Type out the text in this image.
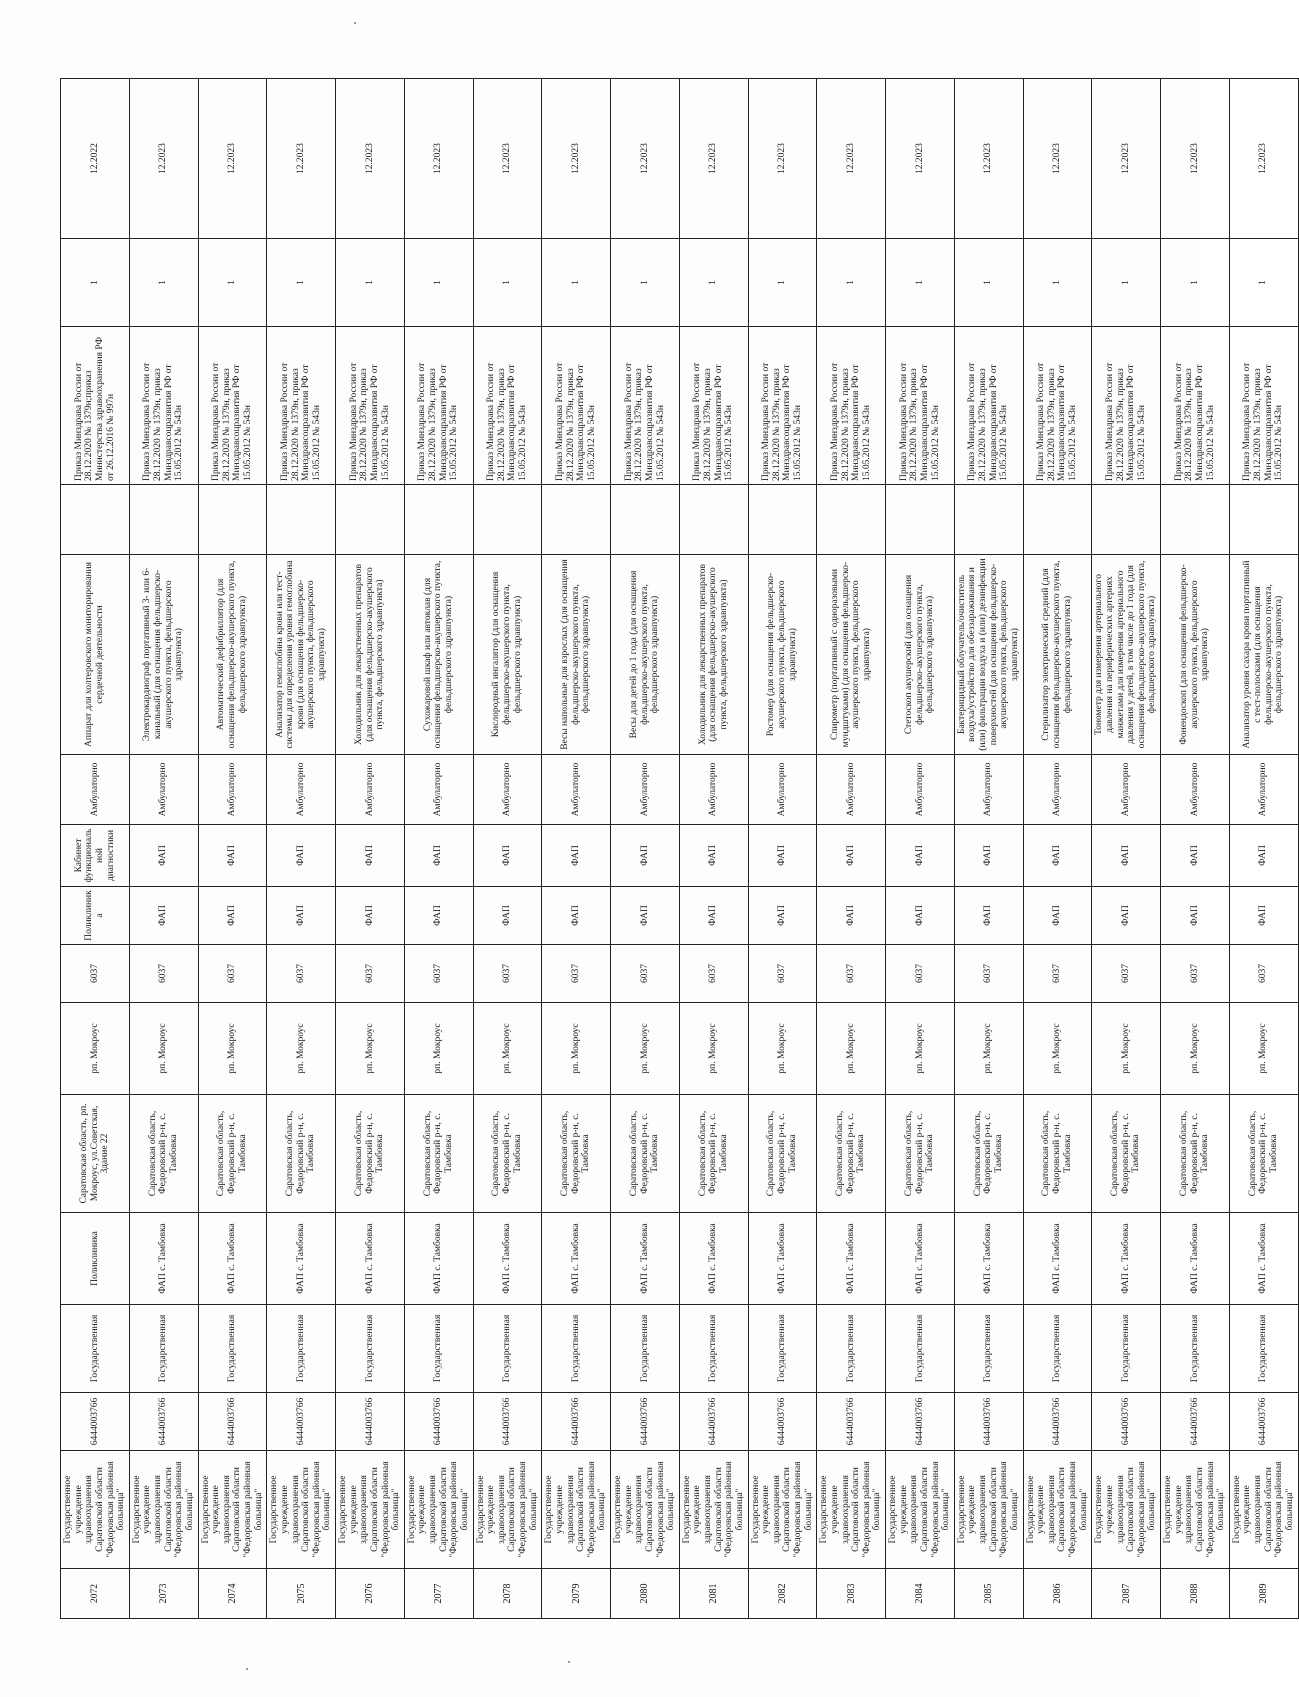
2072	Государственное учреждение здравоохранения Саратовской области "Федоровская районная больница"	6444003766	Государственная	Поликлиника	Саратовская область, рп. Мокроус, ул.Советская, Здание 22	рп. Мокроус	6037	Поликлиника	Кабинет функциональной диагностики	Амбулаторно	Аппарат для холтеровского мониторирования сердечной деятельности		Приказ Минздрава России от 28.12.2020 № 1379н;приказ Министерства здравоохранения РФ от 26.12.2016 № 997н	1	12.2022
2073	Государственное учреждение здравоохранения Саратовской области "Федоровская районная больница"	6444003766	Государственная	ФАП с. Тамбовка	Саратовская область, Федоровский р-н, с. Тамбовка	рп. Мокроус	6037	ФАП	ФАП	Амбулаторно	Электрокардиограф портативный 3- или 6-канальный (для оснащения фельдшерско-акушерского пункта, фельдшерского здравпункта)		Приказ Минздрава России от 28.12.2020 № 1379н, приказ Минздравсоцразвития РФ от 15.05.2012 № 543н	1	12.2023
2074	Государственное учреждение здравоохранения Саратовской области "Федоровская районная больница"	6444003766	Государственная	ФАП с. Тамбовка	Саратовская область, Федоровский р-н, с. Тамбовка	рп. Мокроус	6037	ФАП	ФАП	Амбулаторно	Автоматический дефибриллятор (для оснащения фельдшерско-акушерского пункта, фельдшерского здравпункта)		Приказ Минздрава России от 28.12.2020 № 1379н, приказ Минздравсоцразвития РФ от 15.05.2012 № 543н	1	12.2023
2075	Государственное учреждение здравоохранения Саратовской области "Федоровская районная больница"	6444003766	Государственная	ФАП с. Тамбовка	Саратовская область, Федоровский р-н, с. Тамбовка	рп. Мокроус	6037	ФАП	ФАП	Амбулаторно	Анализатор гемоглобина крови или тест-системы для определения уровня гемоглобина крови (для оснащения фельдшерско-акушерского пункта, фельдшерского здравпункта)		Приказ Минздрава России от 28.12.2020 № 1379н, приказ Минздравсоцразвития РФ от 15.05.2012 № 543н	1	12.2023
2076	Государственное учреждение здравоохранения Саратовской области "Федоровская районная больница"	6444003766	Государственная	ФАП с. Тамбовка	Саратовская область, Федоровский р-н, с. Тамбовка	рп. Мокроус	6037	ФАП	ФАП	Амбулаторно	Холодильник для лекарственных препаратов (для оснащения фельдшерско-акушерского пункта, фельдшерского здравпункта)		Приказ Минздрава России от 28.12.2020 № 1379н, приказ Минздравсоцразвития РФ от 15.05.2012 № 543н	1	12.2023
2077	Государственное учреждение здравоохранения Саратовской области "Федоровская районная больница"	6444003766	Государственная	ФАП с. Тамбовка	Саратовская область, Федоровский р-н, с. Тамбовка	рп. Мокроус	6037	ФАП	ФАП	Амбулаторно	Сухожаровой шкаф или автоклав (для оснащения фельдшерско-акушерского пункта, фельдшерского здравпункта)		Приказ Минздрава России от 28.12.2020 № 1379н, приказ Минздравсоцразвития РФ от 15.05.2012 № 543н	1	12.2023
2078	Государственное учреждение здравоохранения Саратовской области "Федоровская районная больница"	6444003766	Государственная	ФАП с. Тамбовка	Саратовская область, Федоровский р-н, с. Тамбовка	рп. Мокроус	6037	ФАП	ФАП	Амбулаторно	Кислородный ингалятор (для оснащения фельдшерско-акушерского пункта, фельдшерского здравпункта)		Приказ Минздрава России от 28.12.2020 № 1379н, приказ Минздравсоцразвития РФ от 15.05.2012 № 543н	1	12.2023
2079	Государственное учреждение здравоохранения Саратовской области "Федоровская районная больница"	6444003766	Государственная	ФАП с. Тамбовка	Саратовская область, Федоровский р-н, с. Тамбовка	рп. Мокроус	6037	ФАП	ФАП	Амбулаторно	Весы напольные для взрослых (для оснащения фельдшерско-акушерского пункта, фельдшерского здравпункта)		Приказ Минздрава России от 28.12.2020 № 1379н, приказ Минздравсоцразвития РФ от 15.05.2012 № 543н	1	12.2023
2080	Государственное учреждение здравоохранения Саратовской области "Федоровская районная больница"	6444003766	Государственная	ФАП с. Тамбовка	Саратовская область, Федоровский р-н, с. Тамбовка	рп. Мокроус	6037	ФАП	ФАП	Амбулаторно	Весы для детей до 1 года (для оснащения фельдшерско-акушерского пункта, фельдшерского здравпункта)		Приказ Минздрава России от 28.12.2020 № 1379н, приказ Минздравсоцразвития РФ от 15.05.2012 № 543н	1	12.2023
2081	Государственное учреждение здравоохранения Саратовской области "Федоровская районная больница"	6444003766	Государственная	ФАП с. Тамбовка	Саратовская область, Федоровский р-н, с. Тамбовка	рп. Мокроус	6037	ФАП	ФАП	Амбулаторно	Холодильник для лекарственных препаратов (для оснащения фельдшерско-акушерского пункта, фельдшерского здравпункта)		Приказ Минздрава России от 28.12.2020 № 1379н, приказ Минздравсоцразвития РФ от 15.05.2012 № 543н	1	12.2023
2082	Государственное учреждение здравоохранения Саратовской области "Федоровская районная больница"	6444003766	Государственная	ФАП с. Тамбовка	Саратовская область, Федоровский р-н, с. Тамбовка	рп. Мокроус	6037	ФАП	ФАП	Амбулаторно	Ростомер (для оснащения фельдшерско-акушерского пункта, фельдшерского здравпункта)		Приказ Минздрава России от 28.12.2020 № 1379н, приказ Минздравсоцразвития РФ от 15.05.2012 № 543н	1	12.2023
2083	Государственное учреждение здравоохранения Саратовской области "Федоровская районная больница"	6444003766	Государственная	ФАП с. Тамбовка	Саратовская область, Федоровский р-н, с. Тамбовка	рп. Мокроус	6037	ФАП	ФАП	Амбулаторно	Спирометр (портативный с одноразовыми мундштуками) (для оснащения фельдшерско-акушерского пункта, фельдшерского здравпункта)		Приказ Минздрава России от 28.12.2020 № 1379н, приказ Минздравсоцразвития РФ от 15.05.2012 № 543н	1	12.2023
2084	Государственное учреждение здравоохранения Саратовской области "Федоровская районная больница"	6444003766	Государственная	ФАП с. Тамбовка	Саратовская область, Федоровский р-н, с. Тамбовка	рп. Мокроус	6037	ФАП	ФАП	Амбулаторно	Стетоскоп акушерский (для оснащения фельдшерско-акушерского пункта, фельдшерского здравпункта)		Приказ Минздрава России от 28.12.2020 № 1379н, приказ Минздравсоцразвития РФ от 15.05.2012 № 543н	1	12.2023
2085	Государственное учреждение здравоохранения Саратовской области "Федоровская районная больница"	6444003766	Государственная	ФАП с. Тамбовка	Саратовская область, Федоровский р-н, с. Тамбовка	рп. Мокроус	6037	ФАП	ФАП	Амбулаторно	Бактерицидный облучатель/очиститель воздуха/устройство для обеззараживания и (или) фильтрации воздуха и (или) дезинфекции поверхностей (для оснащения фельдшерско-акушерского пункта, фельдшерского здравпункта)		Приказ Минздрава России от 28.12.2020 № 1379н, приказ Минздравсоцразвития РФ от 15.05.2012 № 543н	1	12.2023
2086	Государственное учреждение здравоохранения Саратовской области "Федоровская районная больница"	6444003766	Государственная	ФАП с. Тамбовка	Саратовская область, Федоровский р-н, с. Тамбовка	рп. Мокроус	6037	ФАП	ФАП	Амбулаторно	Стерилизатор электрический средний (для оснащения фельдшерско-акушерского пункта, фельдшерского здравпункта)		Приказ Минздрава России от 28.12.2020 № 1379н, приказ Минздравсоцразвития РФ от 15.05.2012 № 543н	1	12.2023
2087	Государственное учреждение здравоохранения Саратовской области "Федоровская районная больница"	6444003766	Государственная	ФАП с. Тамбовка	Саратовская область, Федоровский р-н, с. Тамбовка	рп. Мокроус	6037	ФАП	ФАП	Амбулаторно	Тонометр для измерения артериального давления на периферических артериях манжетами для измерения артериального давления у детей, в том числе до 1 года (для оснащения фельдшерско-акушерского пункта, фельдшерского здравпункта)		Приказ Минздрава России от 28.12.2020 № 1379н, приказ Минздравсоцразвития РФ от 15.05.2012 № 543н	1	12.2023
2088	Государственное учреждение здравоохранения Саратовской области "Федоровская районная больница"	6444003766	Государственная	ФАП с. Тамбовка	Саратовская область, Федоровский р-н, с. Тамбовка	рп. Мокроус	6037	ФАП	ФАП	Амбулаторно	Фонендоскоп (для оснащения фельдшерско-акушерского пункта, фельдшерского здравпункта)		Приказ Минздрава России от 28.12.2020 № 1379н, приказ Минздравсоцразвития РФ от 15.05.2012 № 543н	1	12.2023
2089	Государственное учреждение здравоохранения Саратовской области "Федоровская районная больница"	6444003766	Государственная	ФАП с. Тамбовка	Саратовская область, Федоровский р-н, с. Тамбовка	рп. Мокроус	6037	ФАП	ФАП	Амбулаторно	Анализатор уровня сахара крови портативный с тест-полосками (для оснащения фельдшерско-акушерского пункта, фельдшерского здравпункта)		Приказ Минздрава России от 28.12.2020 № 1379н, приказ Минздравсоцразвития РФ от 15.05.2012 № 543н	1	12.2023
